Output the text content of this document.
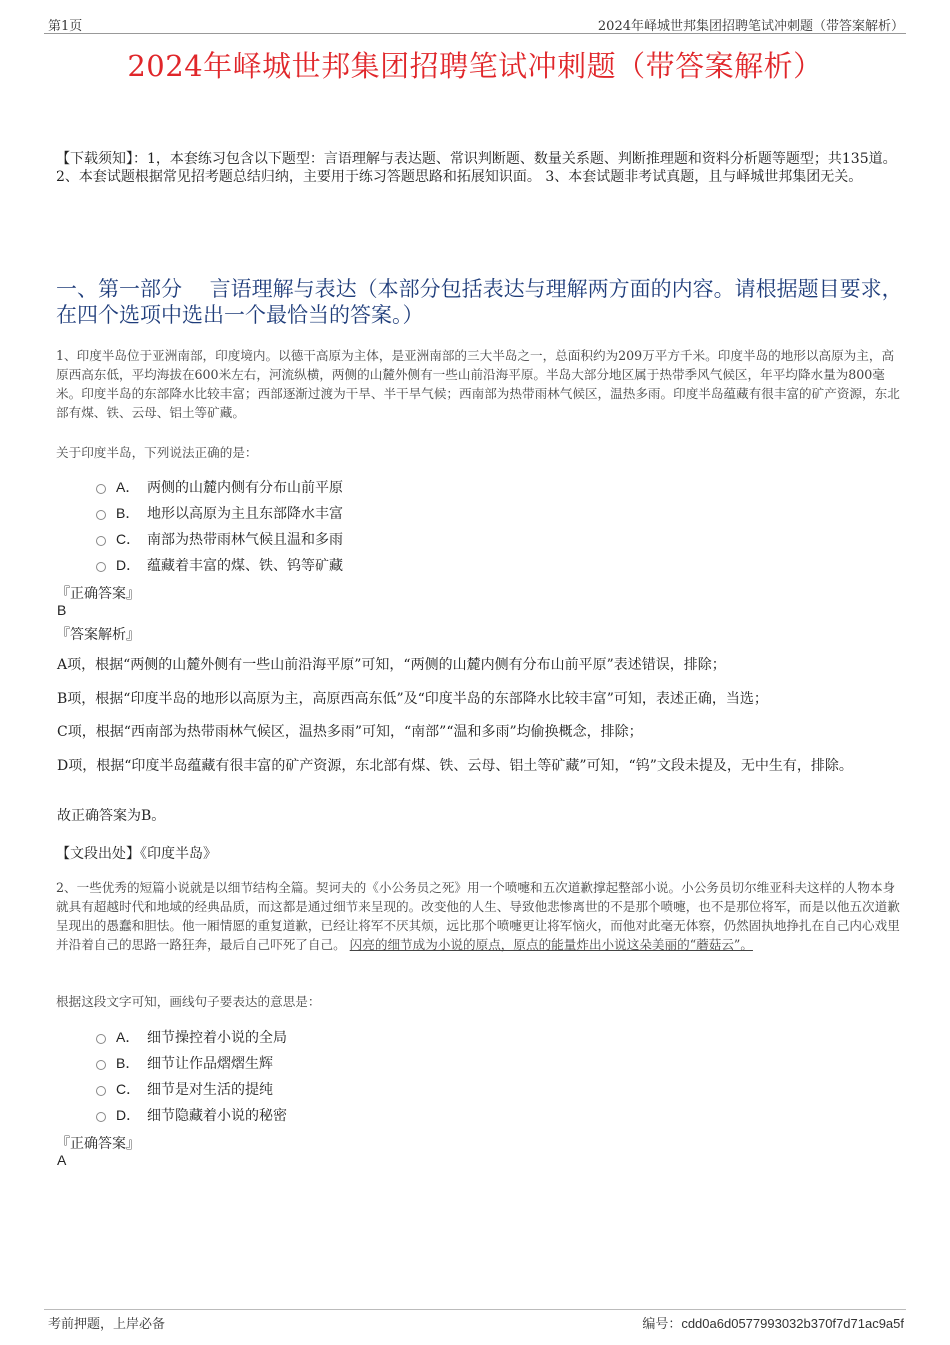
第1页	2024年峄城世邦集团招聘笔试冲刺题（带答案解析）
2024年峄城世邦集团招聘笔试冲刺题（带答案解析）
【下载须知】：1，本套练习包含以下题型：言语理解与表达题、常识判断题、数量关系题、判断推理题和资料分析题等题型；共135道。 2、本套试题根据常见招考题总结归纳，主要用于练习答题思路和拓展知识面。 3、本套试题非考试真题，且与峄城世邦集团无关。
一、第一部分　 言语理解与表达（本部分包括表达与理解两方面的内容。请根据题目要求，在四个选项中选出一个最恰当的答案。）
1、印度半岛位于亚洲南部，印度境内。以德干高原为主体，是亚洲南部的三大半岛之一，总面积约为209万平方千米。印度半岛的地形以高原为主，高原西高东低，平均海拔在600米左右，河流纵横，两侧的山麓外侧有一些山前沿海平原。半岛大部分地区属于热带季风气候区，年平均降水量为800毫米。印度半岛的东部降水比较丰富；西部逐渐过渡为干旱、半干旱气候；西南部为热带雨林气候区，温热多雨。印度半岛蕴藏有很丰富的矿产资源，东北部有煤、铁、云母、铝土等矿藏。
关于印度半岛，下列说法正确的是：
A． 两侧的山麓内侧有分布山前平原
B． 地形以高原为主且东部降水丰富
C． 南部为热带雨林气候且温和多雨
D． 蕴藏着丰富的煤、铁、钨等矿藏
『正确答案』
B
『答案解析』
A项，根据“两侧的山麓外侧有一些山前沿海平原”可知，“两侧的山麓内侧有分布山前平原”表述错误，排除；
B项，根据“印度半岛的地形以高原为主，高原西高东低”及“印度半岛的东部降水比较丰富”可知，表述正确，当选；
C项，根据“西南部为热带雨林气候区，温热多雨”可知，“南部”“温和多雨”均偷换概念，排除；
D项，根据“印度半岛蕴藏有很丰富的矿产资源，东北部有煤、铁、云母、铝土等矿藏”可知，“钨”文段未提及，无中生有，排除。
故正确答案为B。
【文段出处】《印度半岛》
2、一些优秀的短篇小说就是以细节结构全篇。契诃夫的《小公务员之死》用一个喷嚏和五次道歉撑起整部小说。小公务员切尔维亚科夫这样的人物本身就具有超越时代和地域的经典品质，而这都是通过细节来呈现的。改变他的人生、导致他悲惨离世的不是那个喷嚏，也不是那位将军，而是以他五次道歉呈现出的愚蠢和胆怯。他一厢情愿的重复道歉，已经让将军不厌其烦，远比那个喷嚏更让将军恼火，而他对此毫无体察，仍然固执地挣扎在自己内心戏里并沿着自己的思路一路狂奔，最后自己吓死了自己。 闪亮的细节成为小说的原点，原点的能量炸出小说这朵美丽的“蘑菇云”。
根据这段文字可知，画线句子要表达的意思是：
A． 细节操控着小说的全局
B． 细节让作品熠熠生辉
C． 细节是对生活的提纯
D． 细节隐藏着小说的秘密
『正确答案』
A
考前押题，上岸必备	编号：cdd0a6d0577993032b370f7d71ac9a5f
